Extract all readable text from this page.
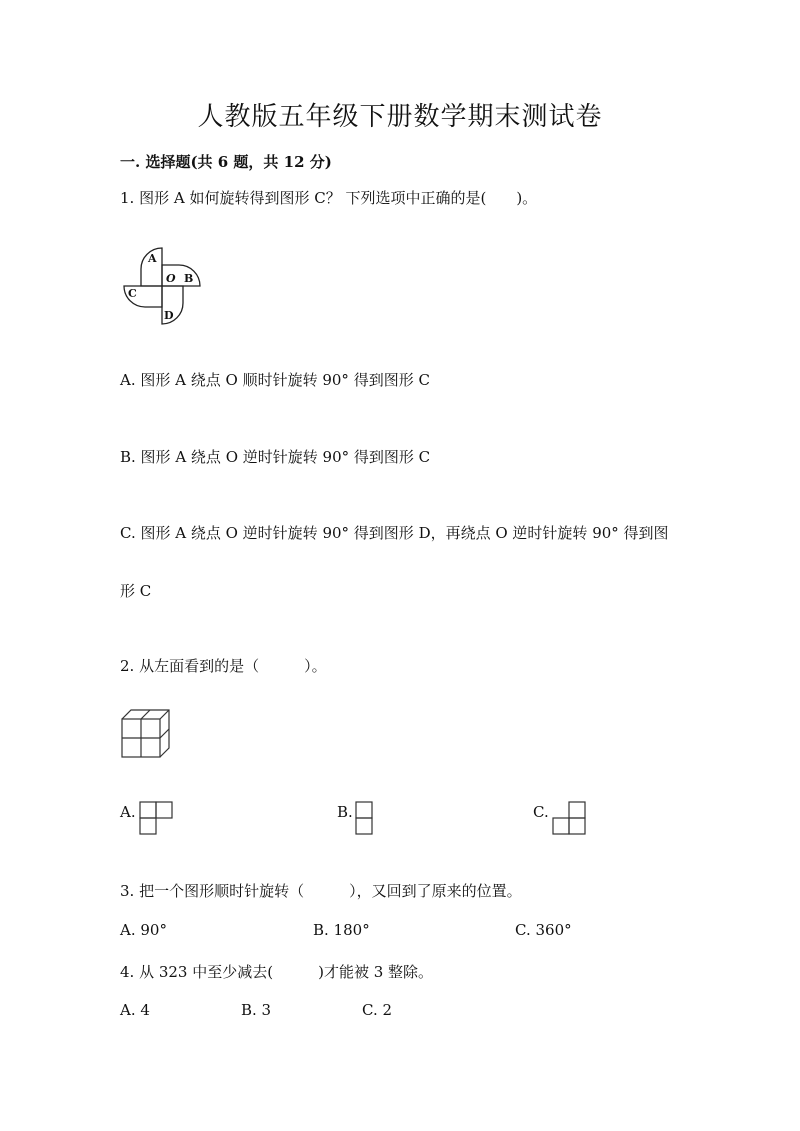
人教版五年级下册数学期末测试卷
一. 选择题(共 6 题，共 12 分)
1. 图形 A 如何旋转得到图形 C？ 下列选项中正确的是(　　)。
A
O B
C
D
A. 图形 A 绕点 O 顺时针旋转 90° 得到图形 C
B. 图形 A 绕点 O 逆时针旋转 90° 得到图形 C
C. 图形 A 绕点 O 逆时针旋转 90° 得到图形 D，再绕点 O 逆时针旋转 90° 得到图
形 C
2. 从左面看到的是（　　　）。
A.	B.	C.
3. 把一个图形顺时针旋转（　　　），又回到了原来的位置。
A. 90°	B. 180°	C. 360°
4. 从 323 中至少减去(　　　)才能被 3 整除。
A. 4	B. 3	C. 2
